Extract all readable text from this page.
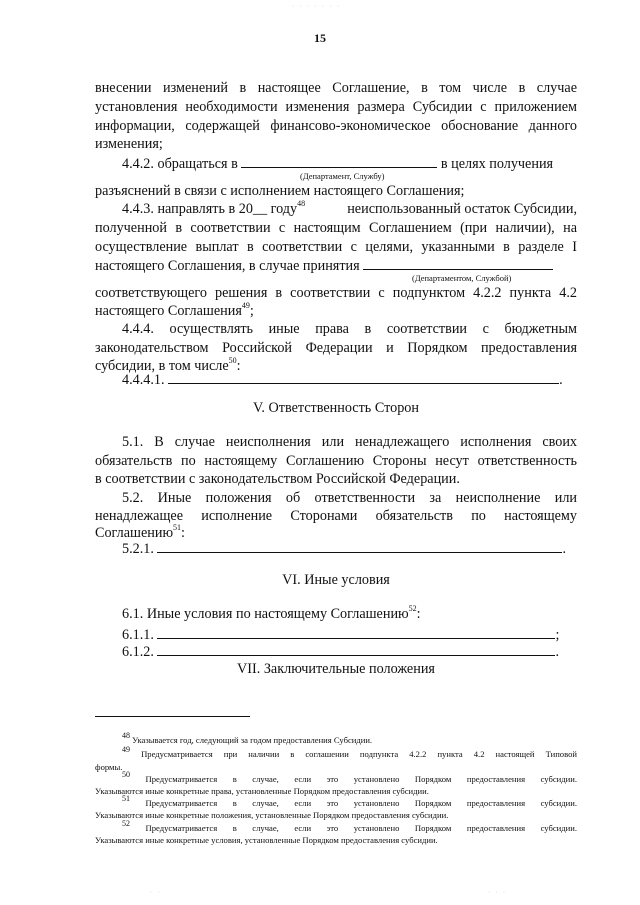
· · · · · · ·
15
внесении изменений в настоящее Соглашение, в том числе в случае
установления необходимости изменения размера Субсидии с приложением
информации, содержащей финансово-экономическое обоснование данного
изменения;
4.4.2. обращаться в	в целях получения
(Департамент, Службу)
разъяснений в связи с исполнением настоящего Соглашения;
4.4.3. направлять в 20__ году$^{48}$	неиспользованный остаток Субсидии,
полученной в соответствии с настоящим Соглашением (при наличии), на
осуществление выплат в соответствии с целями, указанными в разделе I
настоящего Соглашения, в случае принятия
(Департаментом, Службой)
соответствующего решения в соответствии с подпунктом 4.2.2 пункта 4.2
настоящего Соглашения$^{49}$;
4.4.4. осуществлять иные права в соответствии с бюджетным
законодательством Российской Федерации и Порядком предоставления
субсидии, в том числе$^{50}$:
4.4.4.1.	.
V. Ответственность Сторон
5.1. В случае неисполнения или ненадлежащего исполнения своих
обязательств по настоящему Соглашению Стороны несут ответственность
в соответствии с законодательством Российской Федерации.
5.2. Иные положения об ответственности за неисполнение или
ненадлежащее исполнение Сторонами обязательств по настоящему
Соглашению$^{51}$:
5.2.1.	.
VI. Иные условия
6.1. Иные условия по настоящему Соглашению$^{52}$:
6.1.1.	;
6.1.2.	.
VII. Заключительные положения
$^{48}$ Указывается год, следующий за годом предоставления Субсидии.
$^{49}$ Предусматривается при наличии в соглашении подпункта 4.2.2 пункта 4.2 настоящей Типовой
формы.
$^{50}$ Предусматривается в случае, если это установлено Порядком предоставления субсидии.
Указываются иные конкретные права, установленные Порядком предоставления субсидии.
$^{51}$ Предусматривается в случае, если это установлено Порядком предоставления субсидии.
Указываются иные конкретные положения, установленные Порядком предоставления субсидии.
$^{52}$ Предусматривается в случае, если это установлено Порядком предоставления субсидии.
Указываются иные конкретные условия, установленные Порядком предоставления субсидии.
· ·	· · ·
